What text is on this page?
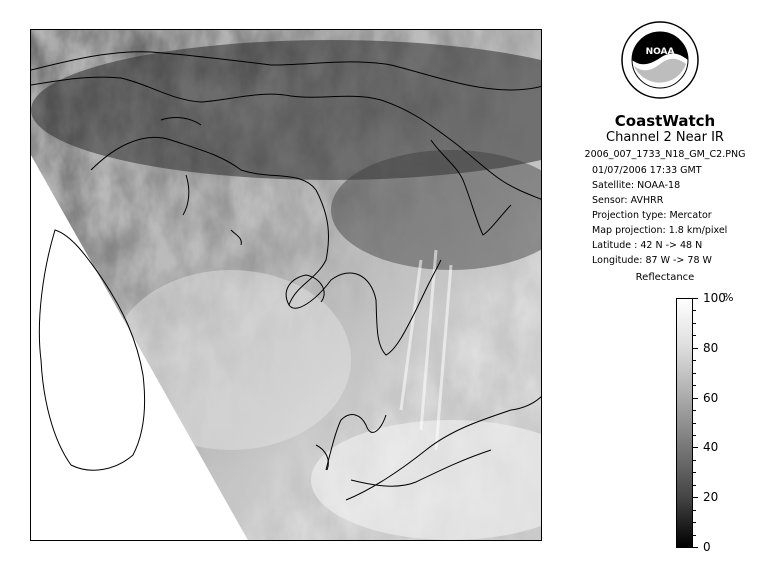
NOAA
CoastWatch
Channel 2 Near IR
2006_007_1733_N18_GM_C2.PNG
01/07/2006 17:33 GMT
Satellite: NOAA-18
Sensor: AVHRR
Projection type: Mercator
Map projection: 1.8 km/pixel
Latitude : 42 N -> 48 N
Longitude: 87 W -> 78 W
Reflectance
%
100
80
60
40
20
0
